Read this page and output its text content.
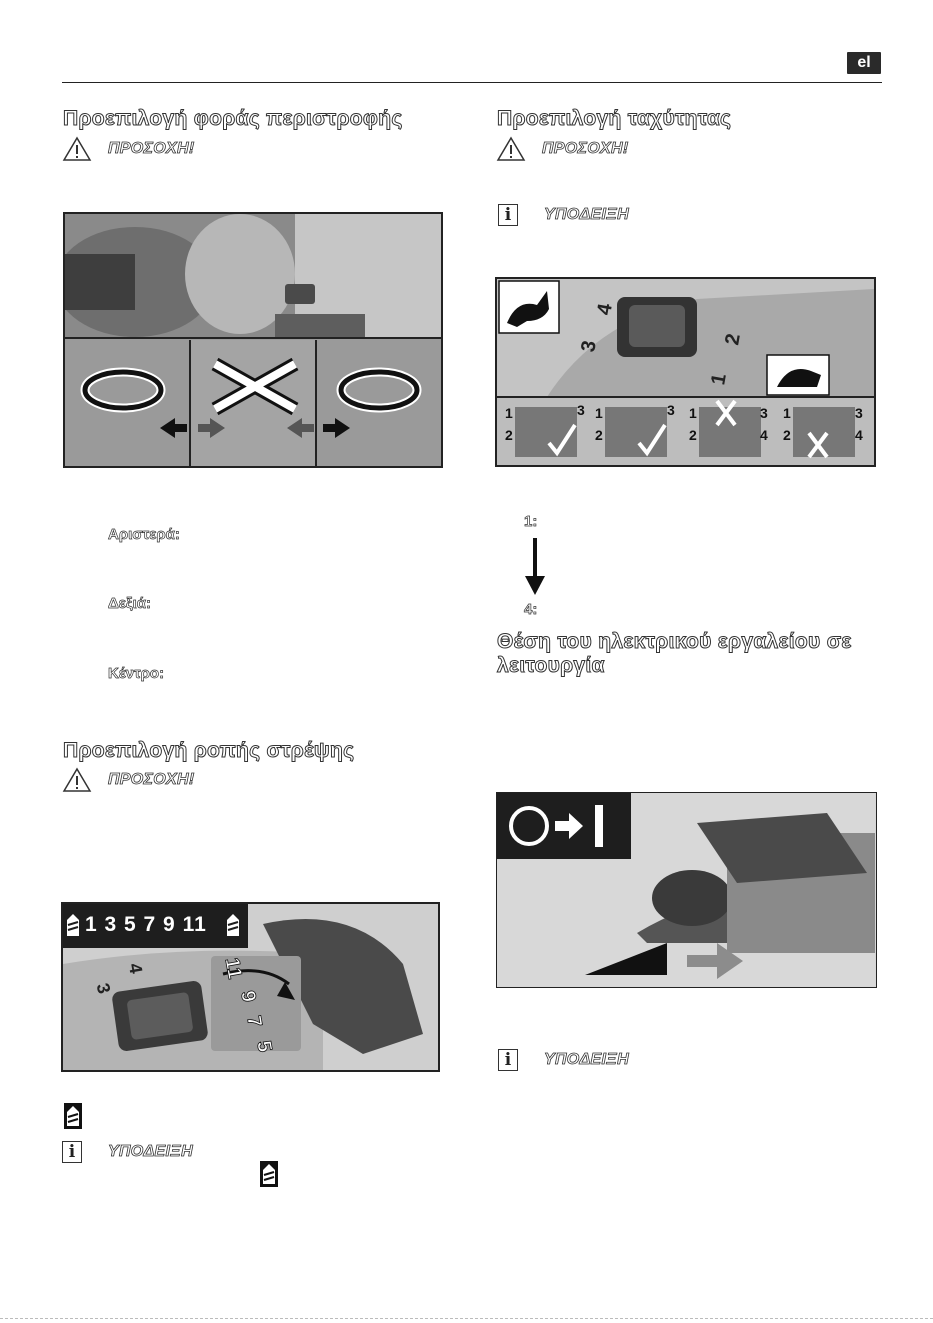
el
Προεπιλογή φοράς περιστροφής
ΠΡΟΣΟΧΗ!
Αριστερά:
Δεξιά:
Κέντρο:
Προεπιλογή ροπής στρέψης
ΠΡΟΣΟΧΗ!
1 3 5 7 9 11
3
4	11
9
7
5
i	ΥΠΟΔΕΙΞΗ
Προεπιλογή ταχύτητας
ΠΡΟΣΟΧΗ!
i	ΥΠΟΔΕΙΞΗ
4
3	2
1
1
2
3 1
2
3 1
2
3
4
1
2
3
4
1:
4:
Θέση του ηλεκτρικού εργαλείου σε
λειτουργία
i	ΥΠΟΔΕΙΞΗ
